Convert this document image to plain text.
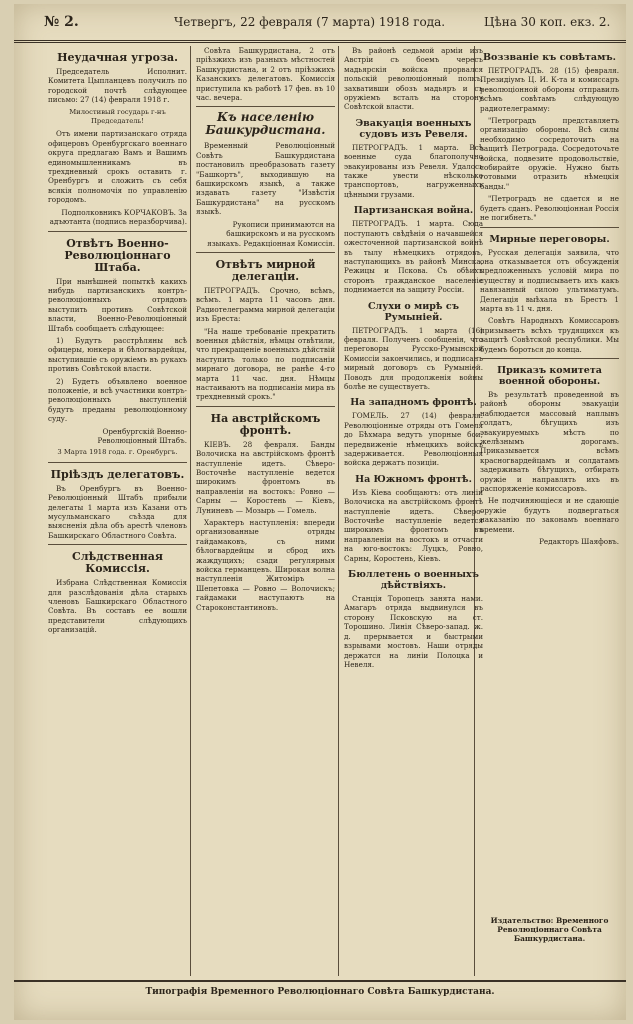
№ 2.	Четвергъ, 22 февраля (7 марта) 1918 года.	Цѣна 30 коп. екз. 2.
Неудачная угроза.

Председатель Исполнит. Комитета Цыпланцевъ получилъ по городской почтѣ слѣдующее письмо: 27 (14) февраля 1918 г.

Милостивый государь г-нъ Председатель!

Отъ имени партизанскаго отряда офицеровъ Оренбургскаго военнаго округа предлагаю Вамъ и Вашимъ единомышленникамъ въ трехдневный срокъ оставить г. Оренбургъ и сложить съ себя всякія полномочія по управленію городомъ.

Подполковникъ КОРЧАКОВЪ. За адъютанта (подпись неразборчива).

Отвѣтъ Военно-Революціоннаго Штаба.

При нынѣшней попыткѣ какихъ нибудь партизанскихъ контръ-революціонныхъ отрядовъ выступить противъ Совѣтской власти, Военно-Революціонный Штабъ сообщаетъ слѣдующее:

1) Будутъ расстрѣляны всѣ офицеры, юнкера и бѣлогвардейцы, выступившіе съ оружіемъ въ рукахъ противъ Совѣтской власти.

2) Будетъ объявлено военное положеніе, и всѣ участники контръ-революціонныхъ выступленій будутъ преданы революціонному суду.

Оренбургскій Военно-Революціонный Штабъ.

3 Марта 1918 года. г. Оренбургъ.

Пріѣздъ делегатовъ.

Въ Оренбургъ въ Военно-Революціонный Штабъ прибыли делегаты 1 марта изъ Казани отъ мусульманскаго съѣзда для выясненія дѣла объ арестѣ членовъ Башкирскаго Областного Совѣта.

Слѣдственная Комиссія.

Избрана Слѣдственная Комиссія для разслѣдованія дѣла старыхъ членовъ Башкирскаго Областного Совѣта. Въ составъ ее вошли представители слѣдующихъ организацій.

Совѣта Башкурдистана, 2 отъ пріѣзжихъ изъ разныхъ мѣстностей Башкурдистана, и 2 отъ пріѣзжихъ Казанскихъ делегатовъ. Комиссія приступила къ работѣ 17 фев. въ 10 час. вечера.

Къ населенію Башкурдистана.

Временный Революціонный Совѣтъ Башкурдистана постановилъ преобразовать газету "Башкортъ", выходившую на башкирскомъ языкѣ, а также издавать газету "Извѣстія Башкурдистана" на русскомъ языкѣ.

Рукописи принимаются на башкирскомъ и на русскомъ языкахъ. Редакціонная Комиссія.

Отвѣтъ мирной делегаціи.

ПЕТРОГРАДЪ. Срочно, всѣмъ, всѣмъ. 1 марта 11 часовъ дня. Радиотелеграмма мирной делегаціи изъ Бреста:

"На наше требованіе прекратить военныя дѣйствія, нѣмцы отвѣтили, что прекращеніе военныхъ дѣйствій наступить только по подписаніи мирнаго договора, не ранѣе 4-го марта 11 час. дня. Нѣмцы настаиваютъ на подписаніи мира въ трехдневный срокъ."

На австрійскомъ фронтѣ.

КІЕВЪ. 28 февраля. Банды Волочиска на австрійскомъ фронтѣ наступленіе идетъ. Сѣверо-Восточнѣе наступленіе ведется широкимъ фронтомъ въ направленіи на востокъ: Ровно — Сарны — Коростень — Кіевъ, Луниневъ — Мозырь — Гомель.

Характеръ наступленія: впереди организованные отряды гайдамаковъ, съ ними бѣлогвардейцы и сброд ихъ жаждущихъ; сзади регулярныя войска германцевъ. Широкая волна наступленія Житоміръ — Шепетовка — Ровно — Волочискъ; гайдамаки наступаютъ на Староконстантиновъ.

Въ районѣ седьмой арміи изъ Австріи съ боемъ чересъ мадьярскія войска прорвался польскій революціонный полкъ, захвативши обозъ мадьяръ и съ оружіемъ всталъ на сторону Совѣтской власти.

Эвакуація военныхъ судовъ изъ Ревеля.

ПЕТРОГРАДЪ. 1 марта. Всѣ военные суда благополучно эвакуированы изъ Ревеля. Удалось также увести нѣсколько транспортовъ, нагруженныхъ цѣнными грузами.

Партизанская война.

ПЕТРОГРАДЪ. 1 марта. Сюда поступаютъ свѣдѣнія о начавшейся ожесточенной партизанской войнѣ въ тылу нѣмецкихъ отрядовъ, наступающихъ въ районѣ Минска, Режицы и Пскова. Съ обѣихъ сторонъ гражданское населеніе поднимается на защиту Россіи.

Слухи о мирѣ съ Румыніей.

ПЕТРОГРАДЪ. 1 марта (16) февраля. Полученъ сообщенія, что переговоры Русско-Румынской Комиссіи закончились, и подписанъ мирный договоръ съ Румыніей. Поводъ для продолженія войны болѣе не существуетъ.

На западномъ фронтѣ.

ГОМЕЛЬ. 27 (14) февраля. Революціонные отряды отъ Гомеля до Бѣхмара ведутъ упорные бои; передвиженіе нѣмецкихъ войскъ задерживается. Революціонныя войска держатъ позиціи.

На Южномъ фронтѣ.

Изъ Кіева сообщаютъ: отъ линіи Волочиска на австрійскомъ фронтѣ наступленіе идетъ. Сѣверо-Восточнѣе наступленіе ведется широкимъ фронтомъ въ направленіи на востокъ и отчасти на юго-востокъ: Луцкъ, Ровно, Сарны, Коростень, Кіевъ.

Бюллетень о военныхъ дѣйствіяхъ.

Станція Торопецъ занята нами. Амагаръ отряда выдвинулся въ сторону Псковскую на ст. Торошино. Линія Сѣверо-запад. ж. д. прерывается и быстрыми взрывами мостовъ. Наши отряды держатся на линіи Полоцка и Невеля.

Воззваніе къ совѣтамъ.

ПЕТРОГРАДЪ. 28 (15) февраля. Президіумъ Ц. И. К-та и комиссаръ революціонной обороны отправилъ всѣмъ совѣтамъ слѣдующую радиотелеграмму:

"Петроградъ представляетъ организацію обороны. Всѣ силы необходимо сосредоточить на защитѣ Петрограда. Сосредоточьте войска, подвезите продовольствіе, собирайте оружіе. Нужно быть готовыми отразить нѣмецкія банды."

"Петроградъ не сдается и не будетъ сданъ. Революціонная Россія не погибнетъ."

Мирные переговоры.

Русская делегація заявила, что она отказывается отъ обсужденія предложенныхъ условій мира по существу и подписываетъ ихъ какъ навязанный силою ультиматумъ. Делегація выѣхала въ Брестъ 1 марта въ 11 ч. дня.

Совѣтъ Народныхъ Комиссаровъ призываетъ всѣхъ трудящихся къ защитѣ Совѣтской республики. Мы будемъ бороться до конца.

Приказъ комитета военной обороны.

Въ результатѣ проведенной въ районѣ обороны эвакуаціи наблюдается массовый наплывъ солдатъ, бѣгущихъ изъ эвакуируемыхъ мѣстъ по желѣзнымъ дорогамъ. Приказывается всѣмъ красногвардейцамъ и солдатамъ задерживать бѣгущихъ, отбирать оружіе и направлять ихъ въ распоряженіе комиссаровъ.

Не подчиняющіеся и не сдающіе оружіе будутъ подвергаться наказанію по законамъ военнаго времени.

Редакторъ Шаяфовъ.

Издательство: Временного Революціоннаго Совѣта Башкурдистана.
Типографія Временного Революціоннаго Совѣта Башкурдистана.
